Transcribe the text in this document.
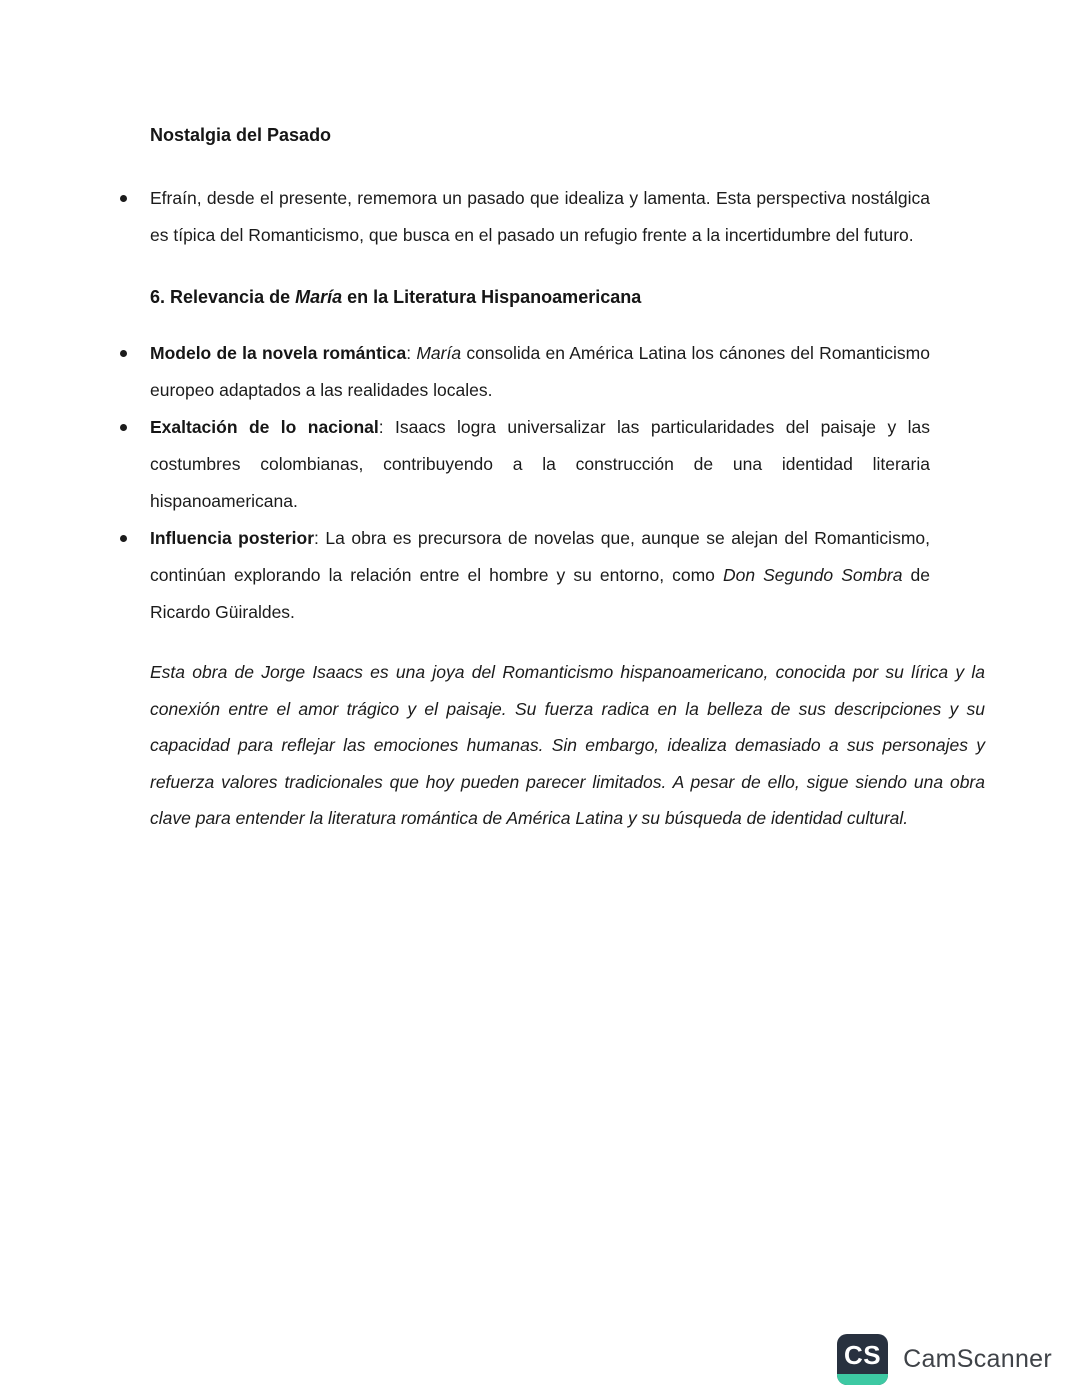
Nostalgia del Pasado
Efraín, desde el presente, rememora un pasado que idealiza y lamenta. Esta perspectiva nostálgica es típica del Romanticismo, que busca en el pasado un refugio frente a la incertidumbre del futuro.
6. Relevancia de María en la Literatura Hispanoamericana
Modelo de la novela romántica: María consolida en América Latina los cánones del Romanticismo europeo adaptados a las realidades locales.
Exaltación de lo nacional: Isaacs logra universalizar las particularidades del paisaje y las costumbres colombianas, contribuyendo a la construcción de una identidad literaria hispanoamericana.
Influencia posterior: La obra es precursora de novelas que, aunque se alejan del Romanticismo, continúan explorando la relación entre el hombre y su entorno, como Don Segundo Sombra de Ricardo Güiraldes.

Esta obra de Jorge Isaacs es una joya del Romanticismo hispanoamericano, conocida por su lírica y la conexión entre el amor trágico y el paisaje. Su fuerza radica en la belleza de sus descripciones y su capacidad para reflejar las emociones humanas. Sin embargo, idealiza demasiado a sus personajes y refuerza valores tradicionales que hoy pueden parecer limitados. A pesar de ello, sigue siendo una obra clave para entender la literatura romántica de América Latina y su búsqueda de identidad cultural.

CS CamScanner
